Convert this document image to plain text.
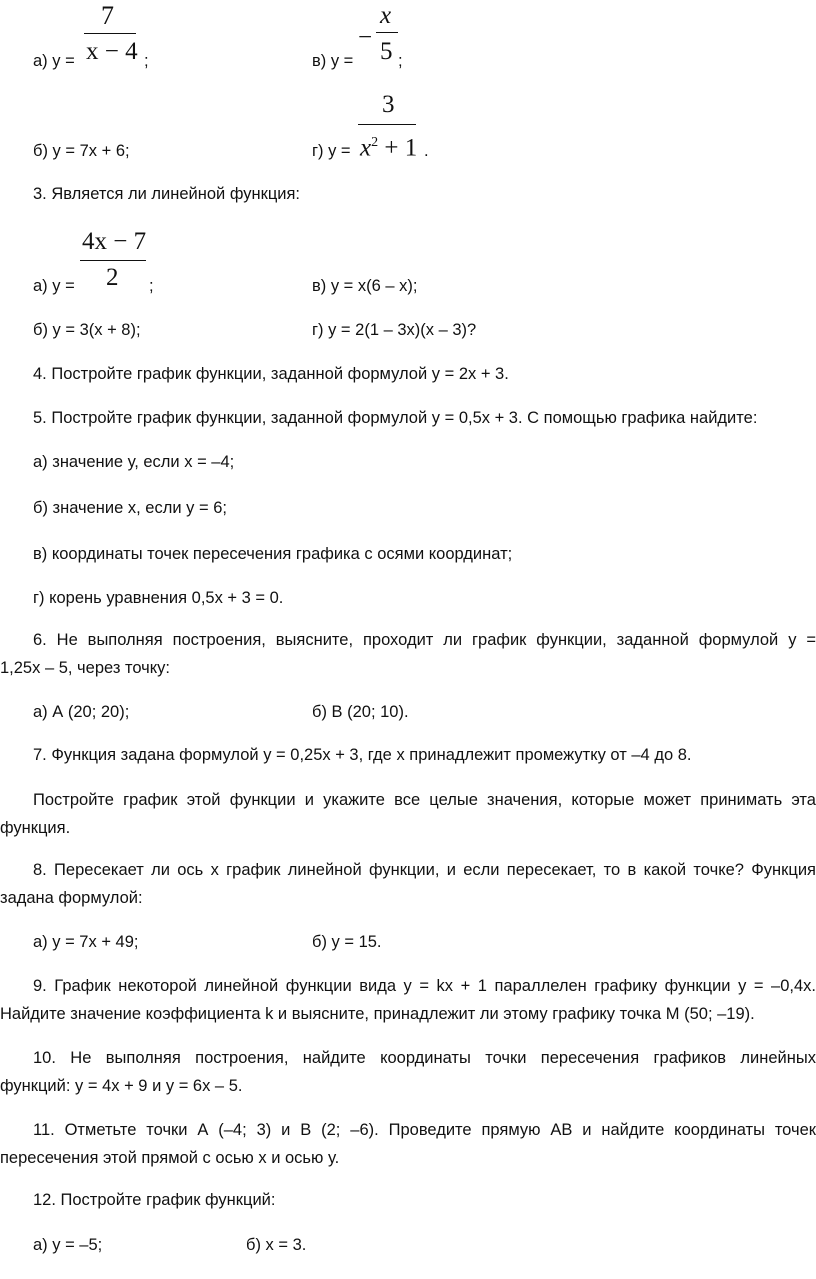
а) у =
7
x − 4 ;	в) у =
−
x
5 ;
б) у = 7х + 6;	г) у =
3
$x^2 + 1$ .
3. Является ли линейной функция:
а) у =
4x − 7
2 ;	в) у = х(6 – х);
б) у = 3(х + 8);	г) у = 2(1 – 3х)(х – 3)?
4. Постройте график функции, заданной формулой у = 2х + 3.
5. Постройте график функции, заданной формулой у = 0,5х + 3. С помощью графика найдите:
а) значение у, если х = –4;
б) значение х, если у = 6;
в) координаты точек пересечения графика с осями координат;
г) корень уравнения 0,5х + 3 = 0.
6. Не выполняя построения, выясните, проходит ли график функции, заданной формулой у =
1,25х – 5, через точку:
а) А (20; 20);	б) В (20; 10).
7. Функция задана формулой у = 0,25х + 3, где х принадлежит промежутку от –4 до 8.
Постройте график этой функции и укажите все целые значения, которые может принимать эта
функция.
8. Пересекает ли ось х график линейной функции, и если пересекает, то в какой точке? Функция
задана формулой:
а) у = 7х + 49;	б) у = 15.
9. График некоторой линейной функции вида у = kх + 1 параллелен графику функции у = –0,4х.
Найдите значение коэффициента k и выясните, принадлежит ли этому графику точка М (50; –19).
10. Не выполняя построения, найдите координаты точки пересечения графиков линейных
функций: у = 4х + 9 и у = 6х – 5.
11. Отметьте точки А (–4; 3) и В (2; –6). Проведите прямую АВ и найдите координаты точек
пересечения этой прямой с осью х и осью у.
12. Постройте график функций:
а) у = –5;	б) х = 3.
